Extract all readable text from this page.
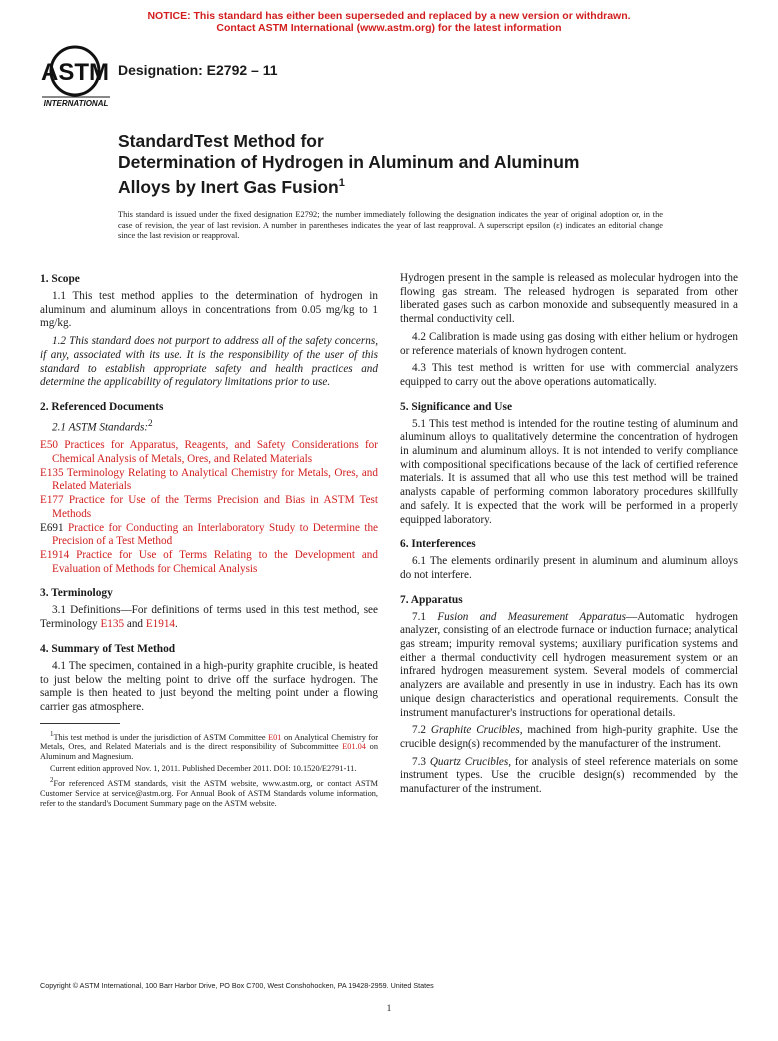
NOTICE: This standard has either been superseded and replaced by a new version or withdrawn.
Contact ASTM International (www.astm.org) for the latest information
ASTM
INTERNATIONAL
Designation: E2792 – 11
StandardTest Method for
Determination of Hydrogen in Aluminum and Aluminum
Alloys by Inert Gas Fusion$^1$
This standard is issued under the fixed designation E2792; the number immediately following the designation indicates the year of original adoption or, in the case of revision, the year of last revision. A number in parentheses indicates the year of last reapproval. A superscript epsilon (ε) indicates an editorial change since the last revision or reapproval.
1. Scope

1.1 This test method applies to the determination of hydrogen in aluminum and aluminum alloys in concentrations from 0.05 mg/kg to 1 mg/kg.

1.2 This standard does not purport to address all of the safety concerns, if any, associated with its use. It is the responsibility of the user of this standard to establish appropriate safety and health practices and determine the applicability of regulatory limitations prior to use.

2. Referenced Documents

2.1 ASTM Standards:$^2$

E50 Practices for Apparatus, Reagents, and Safety Considerations for Chemical Analysis of Metals, Ores, and Related Materials

E135 Terminology Relating to Analytical Chemistry for Metals, Ores, and Related Materials

E177 Practice for Use of the Terms Precision and Bias in ASTM Test Methods

E691 Practice for Conducting an Interlaboratory Study to Determine the Precision of a Test Method

E1914 Practice for Use of Terms Relating to the Development and Evaluation of Methods for Chemical Analysis

3. Terminology

3.1 Definitions—For definitions of terms used in this test method, see Terminology E135 and E1914.

4. Summary of Test Method

4.1 The specimen, contained in a high-purity graphite crucible, is heated to just below the melting point to drive off the surface hydrogen. The sample is then heated to just beyond the melting point under a flowing carrier gas atmosphere.

$^1$This test method is under the jurisdiction of ASTM Committee E01 on Analytical Chemistry for Metals, Ores, and Related Materials and is the direct responsibility of Subcommittee E01.04 on Aluminum and Magnesium.

Current edition approved Nov. 1, 2011. Published December 2011. DOI: 10.1520/E2791-11.

$^2$For referenced ASTM standards, visit the ASTM website, www.astm.org, or contact ASTM Customer Service at service@astm.org. For Annual Book of ASTM Standards volume information, refer to the standard's Document Summary page on the ASTM website.

Hydrogen present in the sample is released as molecular hydrogen into the flowing gas stream. The released hydrogen is separated from other liberated gases such as carbon monoxide and subsequently measured in a thermal conductivity cell.

4.2 Calibration is made using gas dosing with either helium or hydrogen or reference materials of known hydrogen content.

4.3 This test method is written for use with commercial analyzers equipped to carry out the above operations automatically.

5. Significance and Use

5.1 This test method is intended for the routine testing of aluminum and aluminum alloys to qualitatively determine the concentration of hydrogen in aluminum and aluminum alloys. It is not intended to verify compliance with compositional specifications because of the lack of certified reference materials. It is assumed that all who use this test method will be trained analysts capable of performing common laboratory procedures skillfully and safely. It is expected that the work will be performed in a properly equipped laboratory.

6. Interferences

6.1 The elements ordinarily present in aluminum and aluminum alloys do not interfere.

7. Apparatus

7.1 Fusion and Measurement Apparatus—Automatic hydrogen analyzer, consisting of an electrode furnace or induction furnace; analytical gas stream; impurity removal systems; auxiliary purification systems and either a thermal conductivity cell hydrogen measurement system or an infrared hydrogen measurement system. Several models of commercial analyzers are available and presently in use in industry. Each has its own unique design characteristics and operational requirements. Consult the instrument manufacturer's instructions for operational details.

7.2 Graphite Crucibles, machined from high-purity graphite. Use the crucible design(s) recommended by the manufacturer of the instrument.

7.3 Quartz Crucibles, for analysis of steel reference materials on some instrument types. Use the crucible design(s) recommended by the manufacturer of the instrument.

Copyright © ASTM International, 100 Barr Harbor Drive, PO Box C700, West Conshohocken, PA 19428-2959. United States
1
